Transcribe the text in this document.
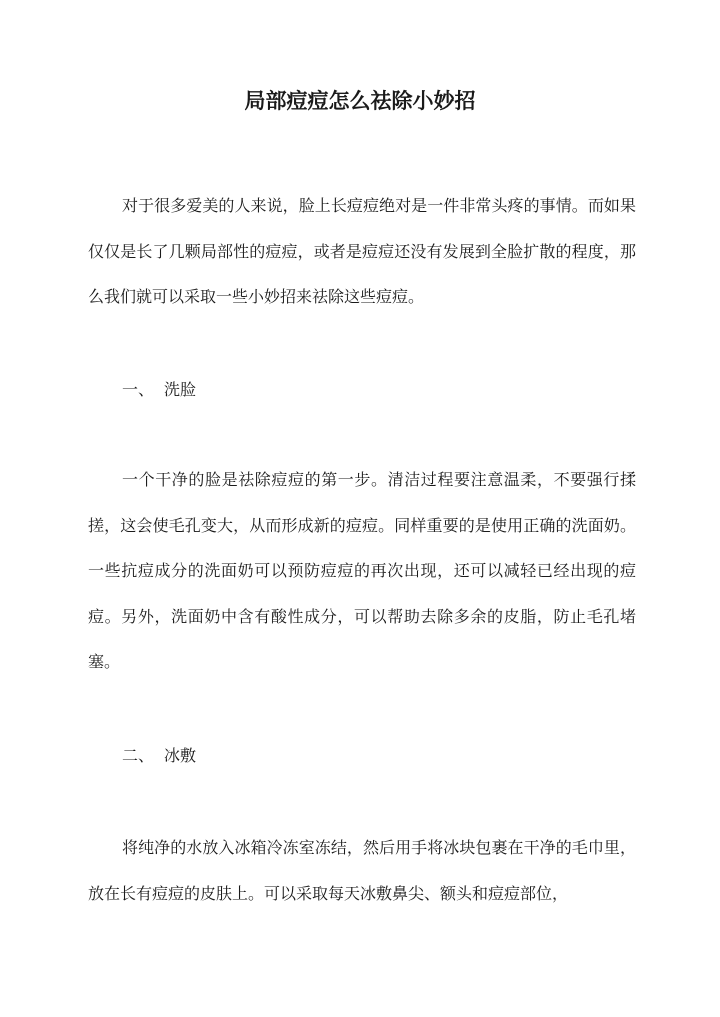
局部痘痘怎么祛除小妙招

对于很多爱美的人来说，脸上长痘痘绝对是一件非常头疼的事情。而如果仅仅是长了几颗局部性的痘痘，或者是痘痘还没有发展到全脸扩散的程度，那么我们就可以采取一些小妙招来祛除这些痘痘。

一、 洗脸

一个干净的脸是祛除痘痘的第一步。清洁过程要注意温柔，不要强行揉搓，这会使毛孔变大，从而形成新的痘痘。同样重要的是使用正确的洗面奶。一些抗痘成分的洗面奶可以预防痘痘的再次出现，还可以减轻已经出现的痘痘。另外，洗面奶中含有酸性成分，可以帮助去除多余的皮脂，防止毛孔堵塞。

二、 冰敷

将纯净的水放入冰箱冷冻室冻结，然后用手将冰块包裹在干净的毛巾里，放在长有痘痘的皮肤上。可以采取每天冰敷鼻尖、额头和痘痘部位，
